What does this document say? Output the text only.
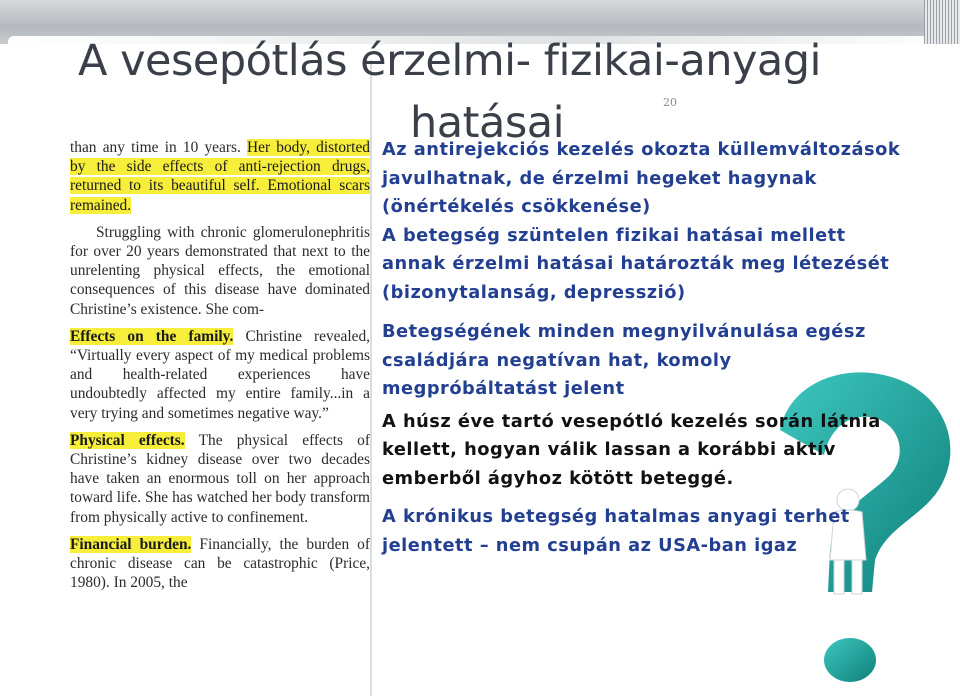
A vesepótlás érzelmi- fizikai-anyagi
hatásai	20

than any time in 10 years. Her body, distorted by the side effects of anti-rejection drugs, returned to its beautiful self. Emotional scars remained.

Struggling with chronic glomerulonephritis for over 20 years demonstrated that next to the unrelenting physical effects, the emotional consequences of this disease have dominated Christine’s existence. She com-

Effects on the family. Christine revealed, “Virtually every aspect of my medical problems and health-related experiences have undoubtedly affected my entire family...in a very trying and sometimes negative way.”

Physical effects. The physical effects of Christine’s kidney disease over two decades have taken an enormous toll on her approach toward life. She has watched her body transform from physically active to confinement.

Financial burden. Financially, the burden of chronic disease can be catastrophic (Price, 1980). In 2005, the

Az antirejekciós kezelés okozta küllemváltozások javulhatnak, de érzelmi hegeket hagynak (önértékelés csökkenése)

A betegség szüntelen fizikai hatásai mellett annak érzelmi hatásai határozták meg létezését (bizonytalanság, depresszió)

Betegségének minden megnyilvánulása egész családjára negatívan hat, komoly megpróbáltatást jelent

A húsz éve tartó vesepótló kezelés során látnia kellett, hogyan válik lassan a korábbi aktív emberből ágyhoz kötött beteggé.

A krónikus betegség hatalmas anyagi terhet jelentett – nem csupán az USA-ban igaz
